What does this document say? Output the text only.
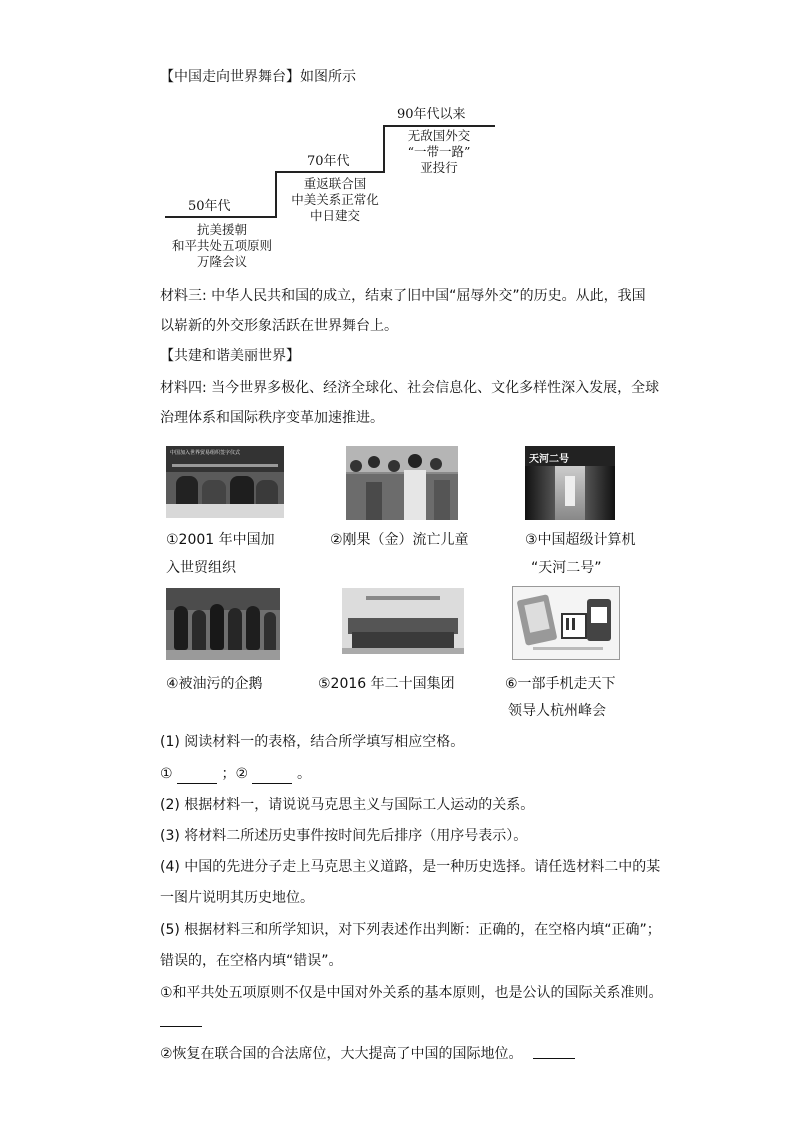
【中国走向世界舞台】如图所示
50年代
抗美援朝
和平共处五项原则
万隆会议
70年代
重返联合国
中美关系正常化
中日建交
90年代以来
无敌国外交
“一带一路”
亚投行
材料三: 中华人民共和国的成立，结束了旧中国“屈辱外交”的历史。从此，我国
以崭新的外交形象活跃在世界舞台上。
【共建和谐美丽世界】
材料四: 当今世界多极化、经济全球化、社会信息化、文化多样性深入发展，全球
治理体系和国际秩序变革加速推进。
中国加入世界贸易组织签字仪式
①2001 年中国加
入世贸组织
②刚果（金）流亡儿童
天河二号
③中国超级计算机
“天河二号”
④被油污的企鹅	⑤2016 年二十国集团	⑥一部手机走天下
领导人杭州峰会
(1) 阅读材料一的表格，结合所学填写相应空格。
①	；②	。
(2) 根据材料一，请说说马克思主义与国际工人运动的关系。
(3) 将材料二所述历史事件按时间先后排序（用序号表示）。
(4) 中国的先进分子走上马克思主义道路，是一种历史选择。请任选材料二中的某
一图片说明其历史地位。
(5) 根据材料三和所学知识，对下列表述作出判断：正确的，在空格内填“正确”；
错误的，在空格内填“错误”。
①和平共处五项原则不仅是中国对外关系的基本原则，也是公认的国际关系准则。
②恢复在联合国的合法席位，大大提高了中国的国际地位。
